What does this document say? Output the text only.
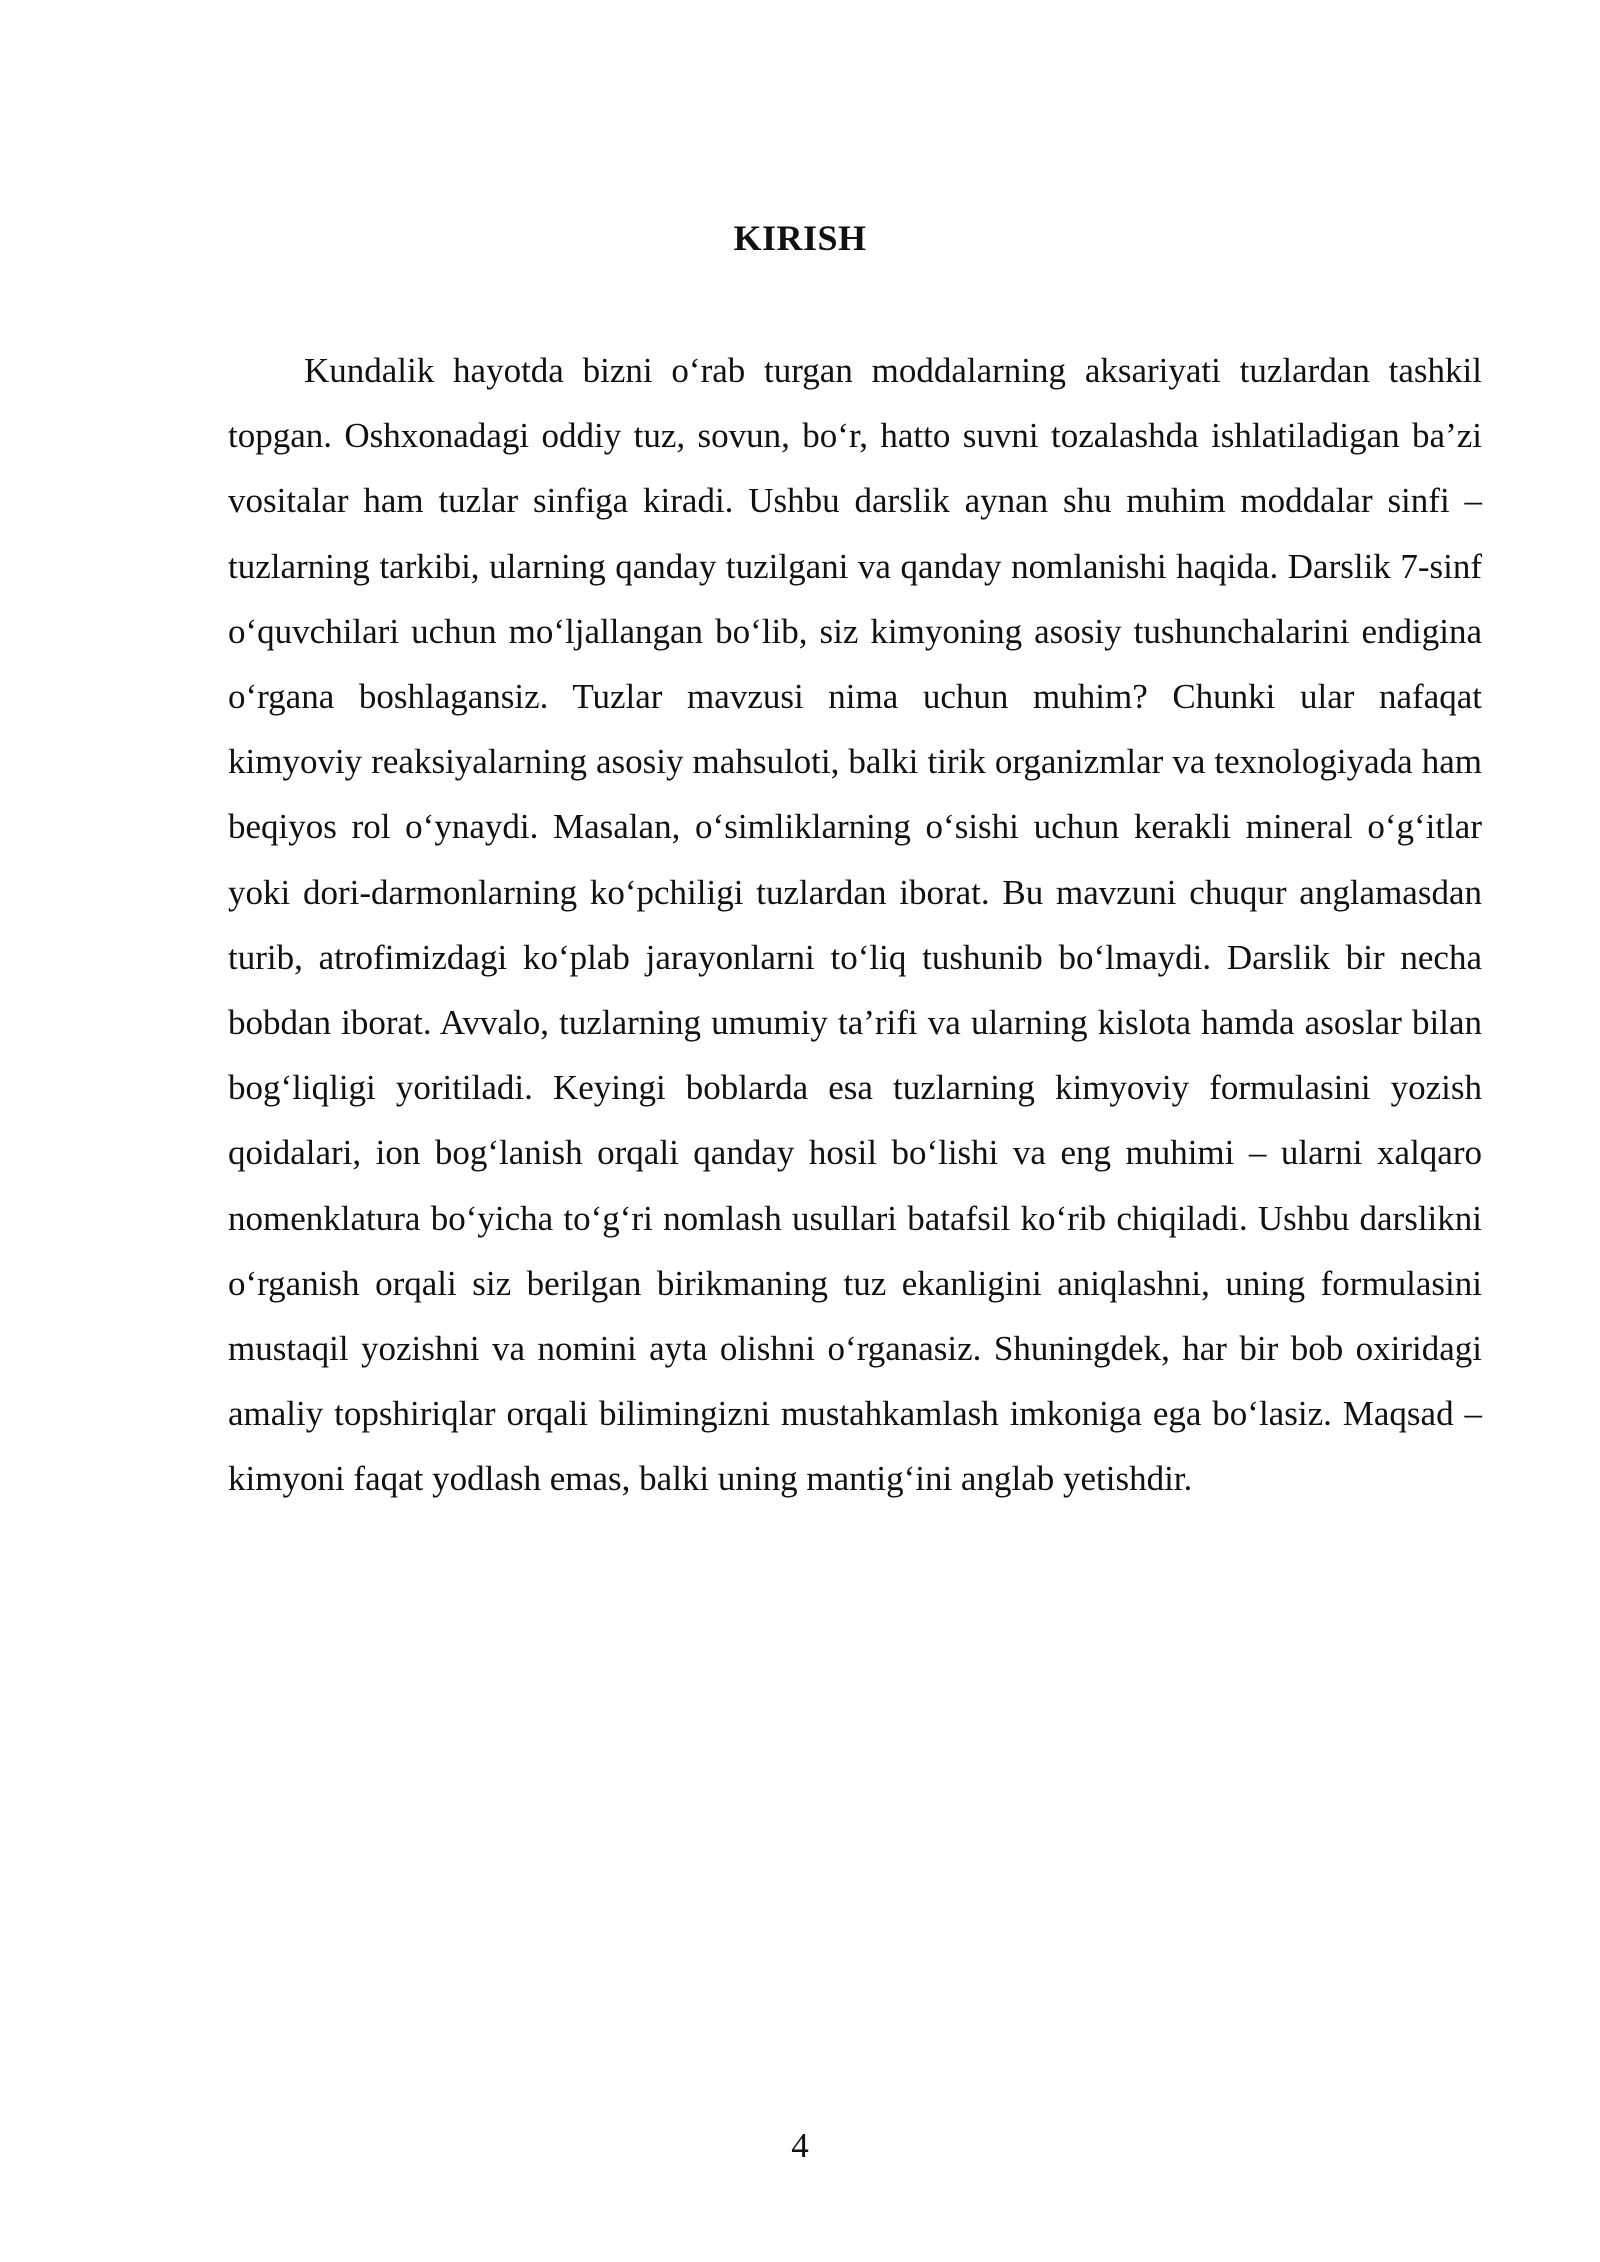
KIRISH

Kundalik hayotda bizni o‘rab turgan moddalarning aksariyati tuzlardan tashkil topgan. Oshxonadagi oddiy tuz, sovun, bo‘r, hatto suvni tozalashda ishlatiladigan ba’zi vositalar ham tuzlar sinfiga kiradi. Ushbu darslik aynan shu muhim moddalar sinfi – tuzlarning tarkibi, ularning qanday tuzilgani va qanday nomlanishi haqida. Darslik 7-sinf o‘quvchilari uchun mo‘ljallangan bo‘lib, siz kimyoning asosiy tushunchalarini endigina o‘rgana boshlagansiz. Tuzlar mavzusi nima uchun muhim? Chunki ular nafaqat kimyoviy reaksiyalarning asosiy mahsuloti, balki tirik organizmlar va texnologiyada ham beqiyos rol o‘ynaydi. Masalan, o‘simliklarning o‘sishi uchun kerakli mineral o‘g‘itlar yoki dori-darmonlarning ko‘pchiligi tuzlardan iborat. Bu mavzuni chuqur anglamasdan turib, atrofimizdagi ko‘plab jarayonlarni to‘liq tushunib bo‘lmaydi. Darslik bir necha bobdan iborat. Avvalo, tuzlarning umumiy ta’rifi va ularning kislota hamda asoslar bilan bog‘liqligi yoritiladi. Keyingi boblarda esa tuzlarning kimyoviy formulasini yozish qoidalari, ion bog‘lanish orqali qanday hosil bo‘lishi va eng muhimi – ularni xalqaro nomenklatura bo‘yicha to‘g‘ri nomlash usullari batafsil ko‘rib chiqiladi. Ushbu darslikni o‘rganish orqali siz berilgan birikmaning tuz ekanligini aniqlashni, uning formulasini mustaqil yozishni va nomini ayta olishni o‘rganasiz. Shuningdek, har bir bob oxiridagi amaliy topshiriqlar orqali bilimingizni mustahkamlash imkoniga ega bo‘lasiz. Maqsad – kimyoni faqat yodlash emas, balki uning mantig‘ini anglab yetishdir.

4
